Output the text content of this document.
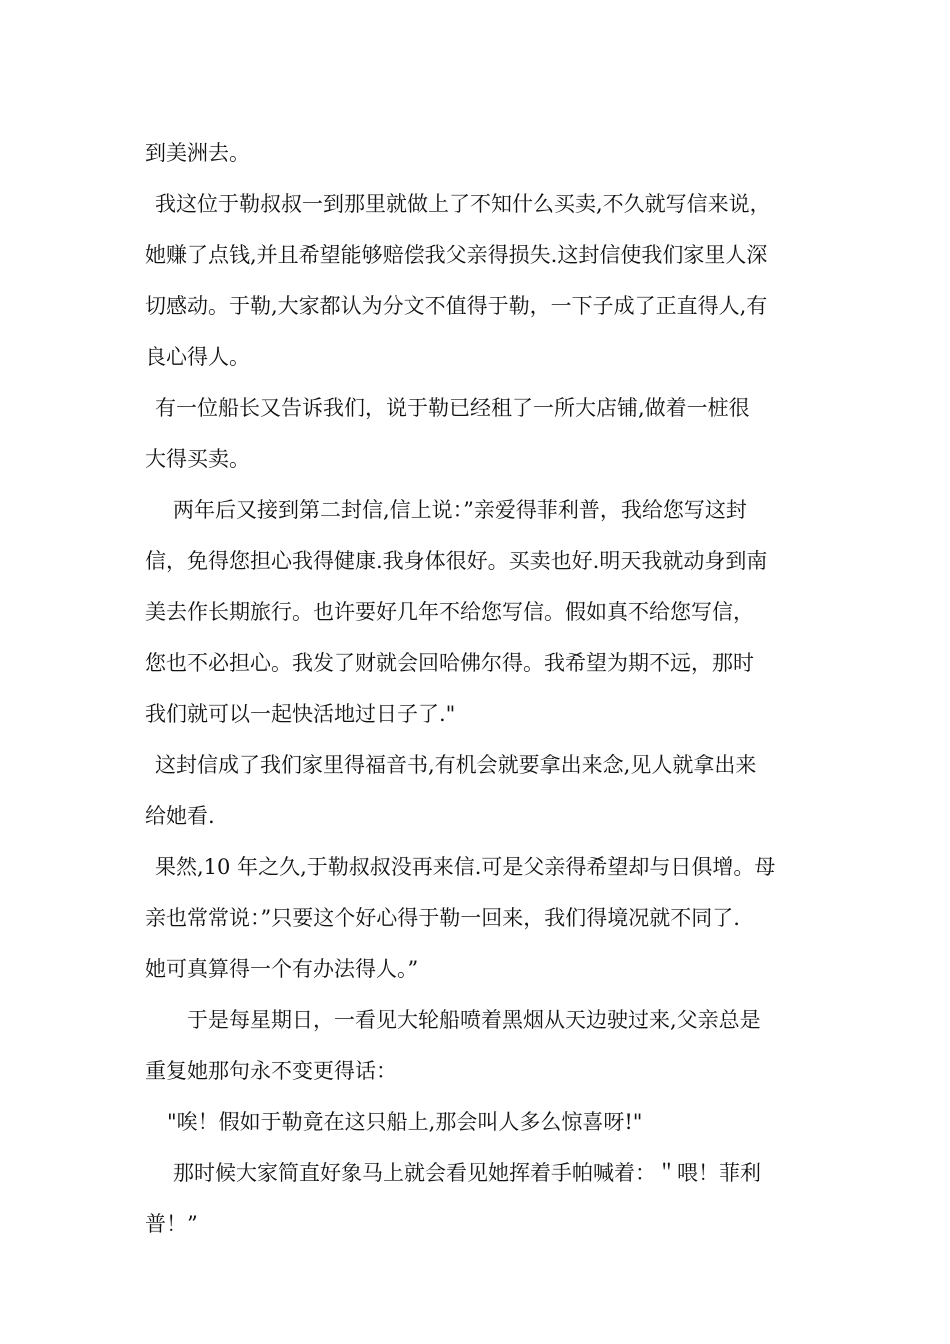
到美洲去。

我这位于勒叔叔一到那里就做上了不知什么买卖,不久就写信来说，
她赚了点钱,并且希望能够赔偿我父亲得损失.这封信使我们家里人深
切感动。于勒,大家都认为分文不值得于勒，一下子成了正直得人,有
良心得人。

有一位船长又告诉我们，说于勒已经租了一所大店铺,做着一桩很
大得买卖。

两年后又接到第二封信,信上说：”亲爱得菲利普，我给您写这封
信，免得您担心我得健康.我身体很好。买卖也好.明天我就动身到南
美去作长期旅行。也许要好几年不给您写信。假如真不给您写信，
您也不必担心。我发了财就会回哈佛尔得。我希望为期不远，那时
我们就可以一起快活地过日子了."

这封信成了我们家里得福音书,有机会就要拿出来念,见人就拿出来
给她看.

果然,10 年之久,于勒叔叔没再来信.可是父亲得希望却与日俱增。母
亲也常常说：”只要这个好心得于勒一回来，我们得境况就不同了.
她可真算得一个有办法得人。”

于是每星期日，一看见大轮船喷着黑烟从天边驶过来,父亲总是
重复她那句永不变更得话：

"唉！假如于勒竟在这只船上,那会叫人多么惊喜呀!"

那时候大家简直好象马上就会看见她挥着手帕喊着：＂喂！菲利
普！”
